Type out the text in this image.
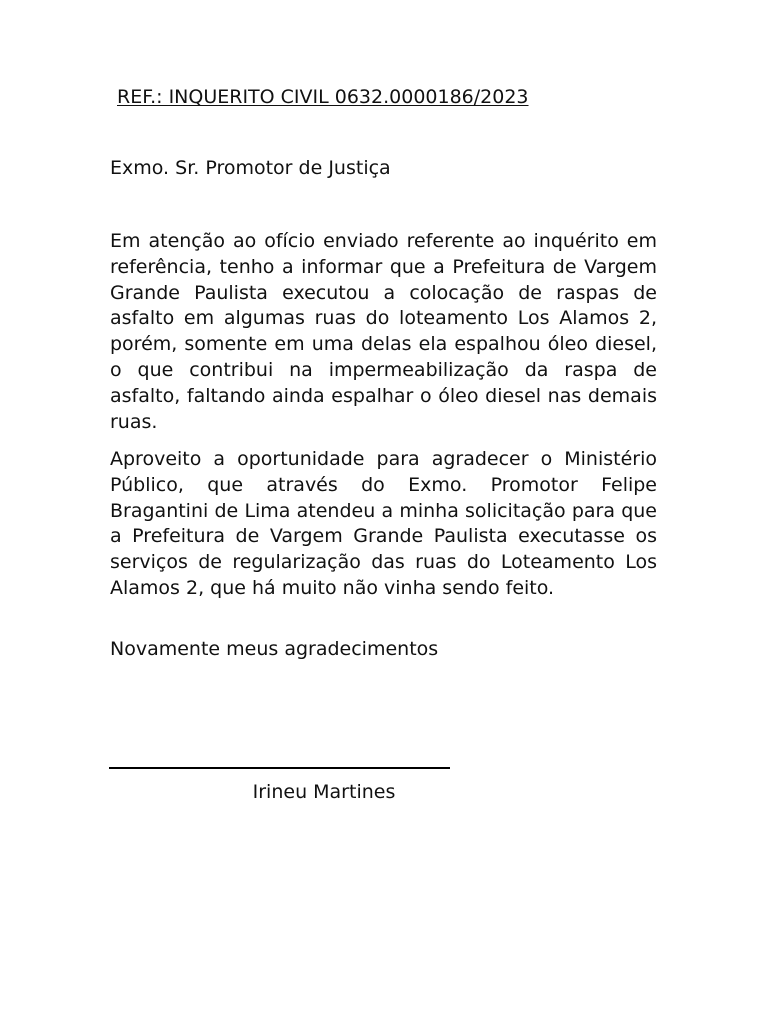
REF.: INQUERITO CIVIL 0632.0000186/2023
Exmo. Sr. Promotor de Justiça

Em atenção ao ofício enviado referente ao inquérito em referência, tenho a informar que a Prefeitura de Vargem Grande Paulista executou a colocação de raspas de asfalto em algumas ruas do loteamento Los Alamos 2, porém, somente em uma delas ela espalhou óleo diesel, o que contribui na impermeabilização da raspa de asfalto, faltando ainda espalhar o óleo diesel nas demais ruas.

Aproveito a oportunidade para agradecer o Ministério Público, que através do Exmo. Promotor Felipe Bragantini de Lima atendeu a minha solicitação para que a Prefeitura de Vargem Grande Paulista executasse os serviços de regularização das ruas do Loteamento Los Alamos 2, que há muito não vinha sendo feito.

Novamente meus agradecimentos
Irineu Martines
